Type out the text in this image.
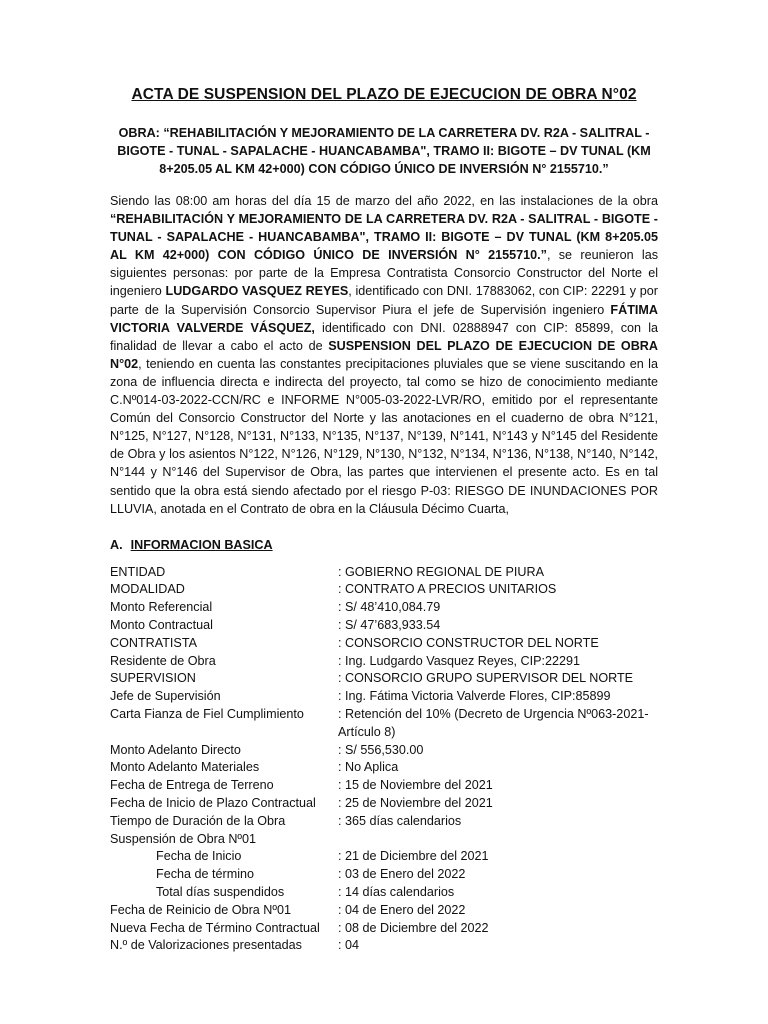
ACTA DE SUSPENSION DEL PLAZO DE EJECUCION DE OBRA N°02

OBRA: “REHABILITACIÓN Y MEJORAMIENTO DE LA CARRETERA DV. R2A - SALITRAL - BIGOTE - TUNAL - SAPALACHE - HUANCABAMBA", TRAMO II: BIGOTE – DV TUNAL (KM 8+205.05 AL KM 42+000) CON CÓDIGO ÚNICO DE INVERSIÓN N° 2155710.”

Siendo las 08:00 am horas del día 15 de marzo del año 2022, en las instalaciones de la obra “REHABILITACIÓN Y MEJORAMIENTO DE LA CARRETERA DV. R2A - SALITRAL - BIGOTE - TUNAL - SAPALACHE - HUANCABAMBA", TRAMO II: BIGOTE – DV TUNAL (KM 8+205.05 AL KM 42+000) CON CÓDIGO ÚNICO DE INVERSIÓN N° 2155710.”, se reunieron las siguientes personas: por parte de la Empresa Contratista Consorcio Constructor del Norte el ingeniero LUDGARDO VASQUEZ REYES, identificado con DNI. 17883062, con CIP: 22291 y por parte de la Supervisión Consorcio Supervisor Piura el jefe de Supervisión ingeniero FÁTIMA VICTORIA VALVERDE VÁSQUEZ, identificado con DNI. 02888947 con CIP: 85899, con la finalidad de llevar a cabo el acto de SUSPENSION DEL PLAZO DE EJECUCION DE OBRA N°02, teniendo en cuenta las constantes precipitaciones pluviales que se viene suscitando en la zona de influencia directa e indirecta del proyecto, tal como se hizo de conocimiento mediante C.Nº014-03-2022-CCN/RC e INFORME N°005-03-2022-LVR/RO, emitido por el representante Común del Consorcio Constructor del Norte y las anotaciones en el cuaderno de obra N°121, N°125, N°127, N°128, N°131, N°133, N°135, N°137, N°139, N°141, N°143 y N°145 del Residente de Obra y los asientos N°122, N°126, N°129, N°130, N°132, N°134, N°136, N°138, N°140, N°142, N°144 y N°146 del Supervisor de Obra, las partes que intervienen el presente acto. Es en tal sentido que la obra está siendo afectado por el riesgo P-03: RIESGO DE INUNDACIONES POR LLUVIA, anotada en el Contrato de obra en la Cláusula Décimo Cuarta,

A. INFORMACION BASICA
ENTIDAD	: GOBIERNO REGIONAL DE PIURA
MODALIDAD	: CONTRATO A PRECIOS UNITARIOS
Monto Referencial	: S/ 48’410,084.79
Monto Contractual	: S/ 47’683,933.54
CONTRATISTA	: CONSORCIO CONSTRUCTOR DEL NORTE
Residente de Obra	: Ing. Ludgardo Vasquez Reyes, CIP:22291
SUPERVISION	: CONSORCIO GRUPO SUPERVISOR DEL NORTE
Jefe de Supervisión	: Ing. Fátima Victoria Valverde Flores, CIP:85899
Carta Fianza de Fiel Cumplimiento	: Retención del 10% (Decreto de Urgencia Nº063-2021-Artículo 8)
Monto Adelanto Directo	: S/ 556,530.00
Monto Adelanto Materiales	: No Aplica
Fecha de Entrega de Terreno	: 15 de Noviembre del 2021
Fecha de Inicio de Plazo Contractual	: 25 de Noviembre del 2021
Tiempo de Duración de la Obra	: 365 días calendarios
Suspensión de Obra Nº01
Fecha de Inicio	: 21 de Diciembre del 2021
Fecha de término	: 03 de Enero del 2022
Total días suspendidos	: 14 días calendarios
Fecha de Reinicio de Obra Nº01	: 04 de Enero del 2022
Nueva Fecha de Término Contractual	: 08 de Diciembre del 2022
N.º de Valorizaciones presentadas	: 04
